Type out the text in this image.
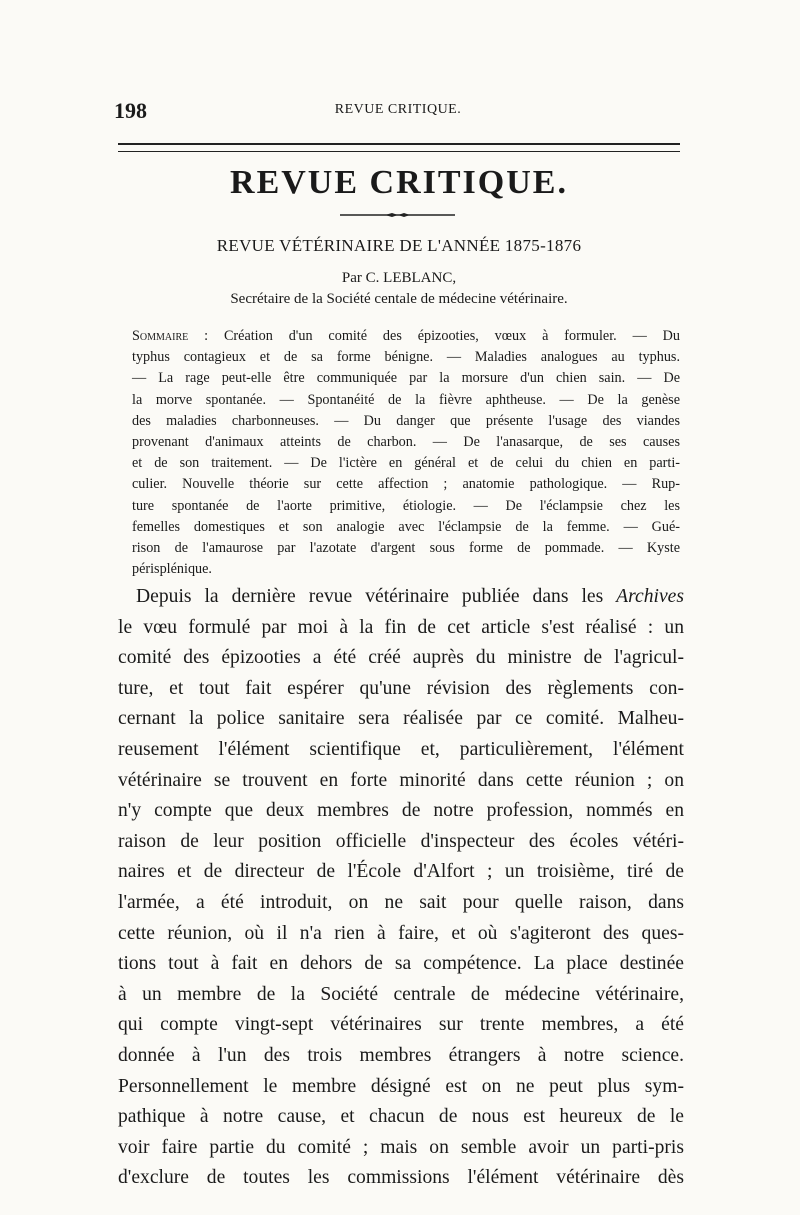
198	REVUE CRITIQUE.
REVUE CRITIQUE.
REVUE VÉTÉRINAIRE DE L'ANNÉE 1875-1876
Par C. LEBLANC,
Secrétaire de la Société centale de médecine vétérinaire.
Sommaire : Création d'un comité des épizooties, vœux à formuler. — Du
typhus contagieux et de sa forme bénigne. — Maladies analogues au typhus.
— La rage peut-elle être communiquée par la morsure d'un chien sain. — De
la morve spontanée. — Spontanéité de la fièvre aphtheuse. — De la genèse
des maladies charbonneuses. — Du danger que présente l'usage des viandes
provenant d'animaux atteints de charbon. — De l'anasarque, de ses causes
et de son traitement. — De l'ictère en général et de celui du chien en parti-
culier. Nouvelle théorie sur cette affection ; anatomie pathologique. — Rup-
ture spontanée de l'aorte primitive, étiologie. — De l'éclampsie chez les
femelles domestiques et son analogie avec l'éclampsie de la femme. — Gué-
rison de l'amaurose par l'azotate d'argent sous forme de pommade. — Kyste
périsplénique.
Depuis la dernière revue vétérinaire publiée dans les Archives
le vœu formulé par moi à la fin de cet article s'est réalisé : un
comité des épizooties a été créé auprès du ministre de l'agricul-
ture, et tout fait espérer qu'une révision des règlements con-
cernant la police sanitaire sera réalisée par ce comité. Malheu-
reusement l'élément scientifique et, particulièrement, l'élément
vétérinaire se trouvent en forte minorité dans cette réunion ; on
n'y compte que deux membres de notre profession, nommés en
raison de leur position officielle d'inspecteur des écoles vétéri-
naires et de directeur de l'École d'Alfort ; un troisième, tiré de
l'armée, a été introduit, on ne sait pour quelle raison, dans
cette réunion, où il n'a rien à faire, et où s'agiteront des ques-
tions tout à fait en dehors de sa compétence. La place destinée
à un membre de la Société centrale de médecine vétérinaire,
qui compte vingt-sept vétérinaires sur trente membres, a été
donnée à l'un des trois membres étrangers à notre science.
Personnellement le membre désigné est on ne peut plus sym-
pathique à notre cause, et chacun de nous est heureux de le
voir faire partie du comité ; mais on semble avoir un parti-pris
d'exclure de toutes les commissions l'élément vétérinaire dès
